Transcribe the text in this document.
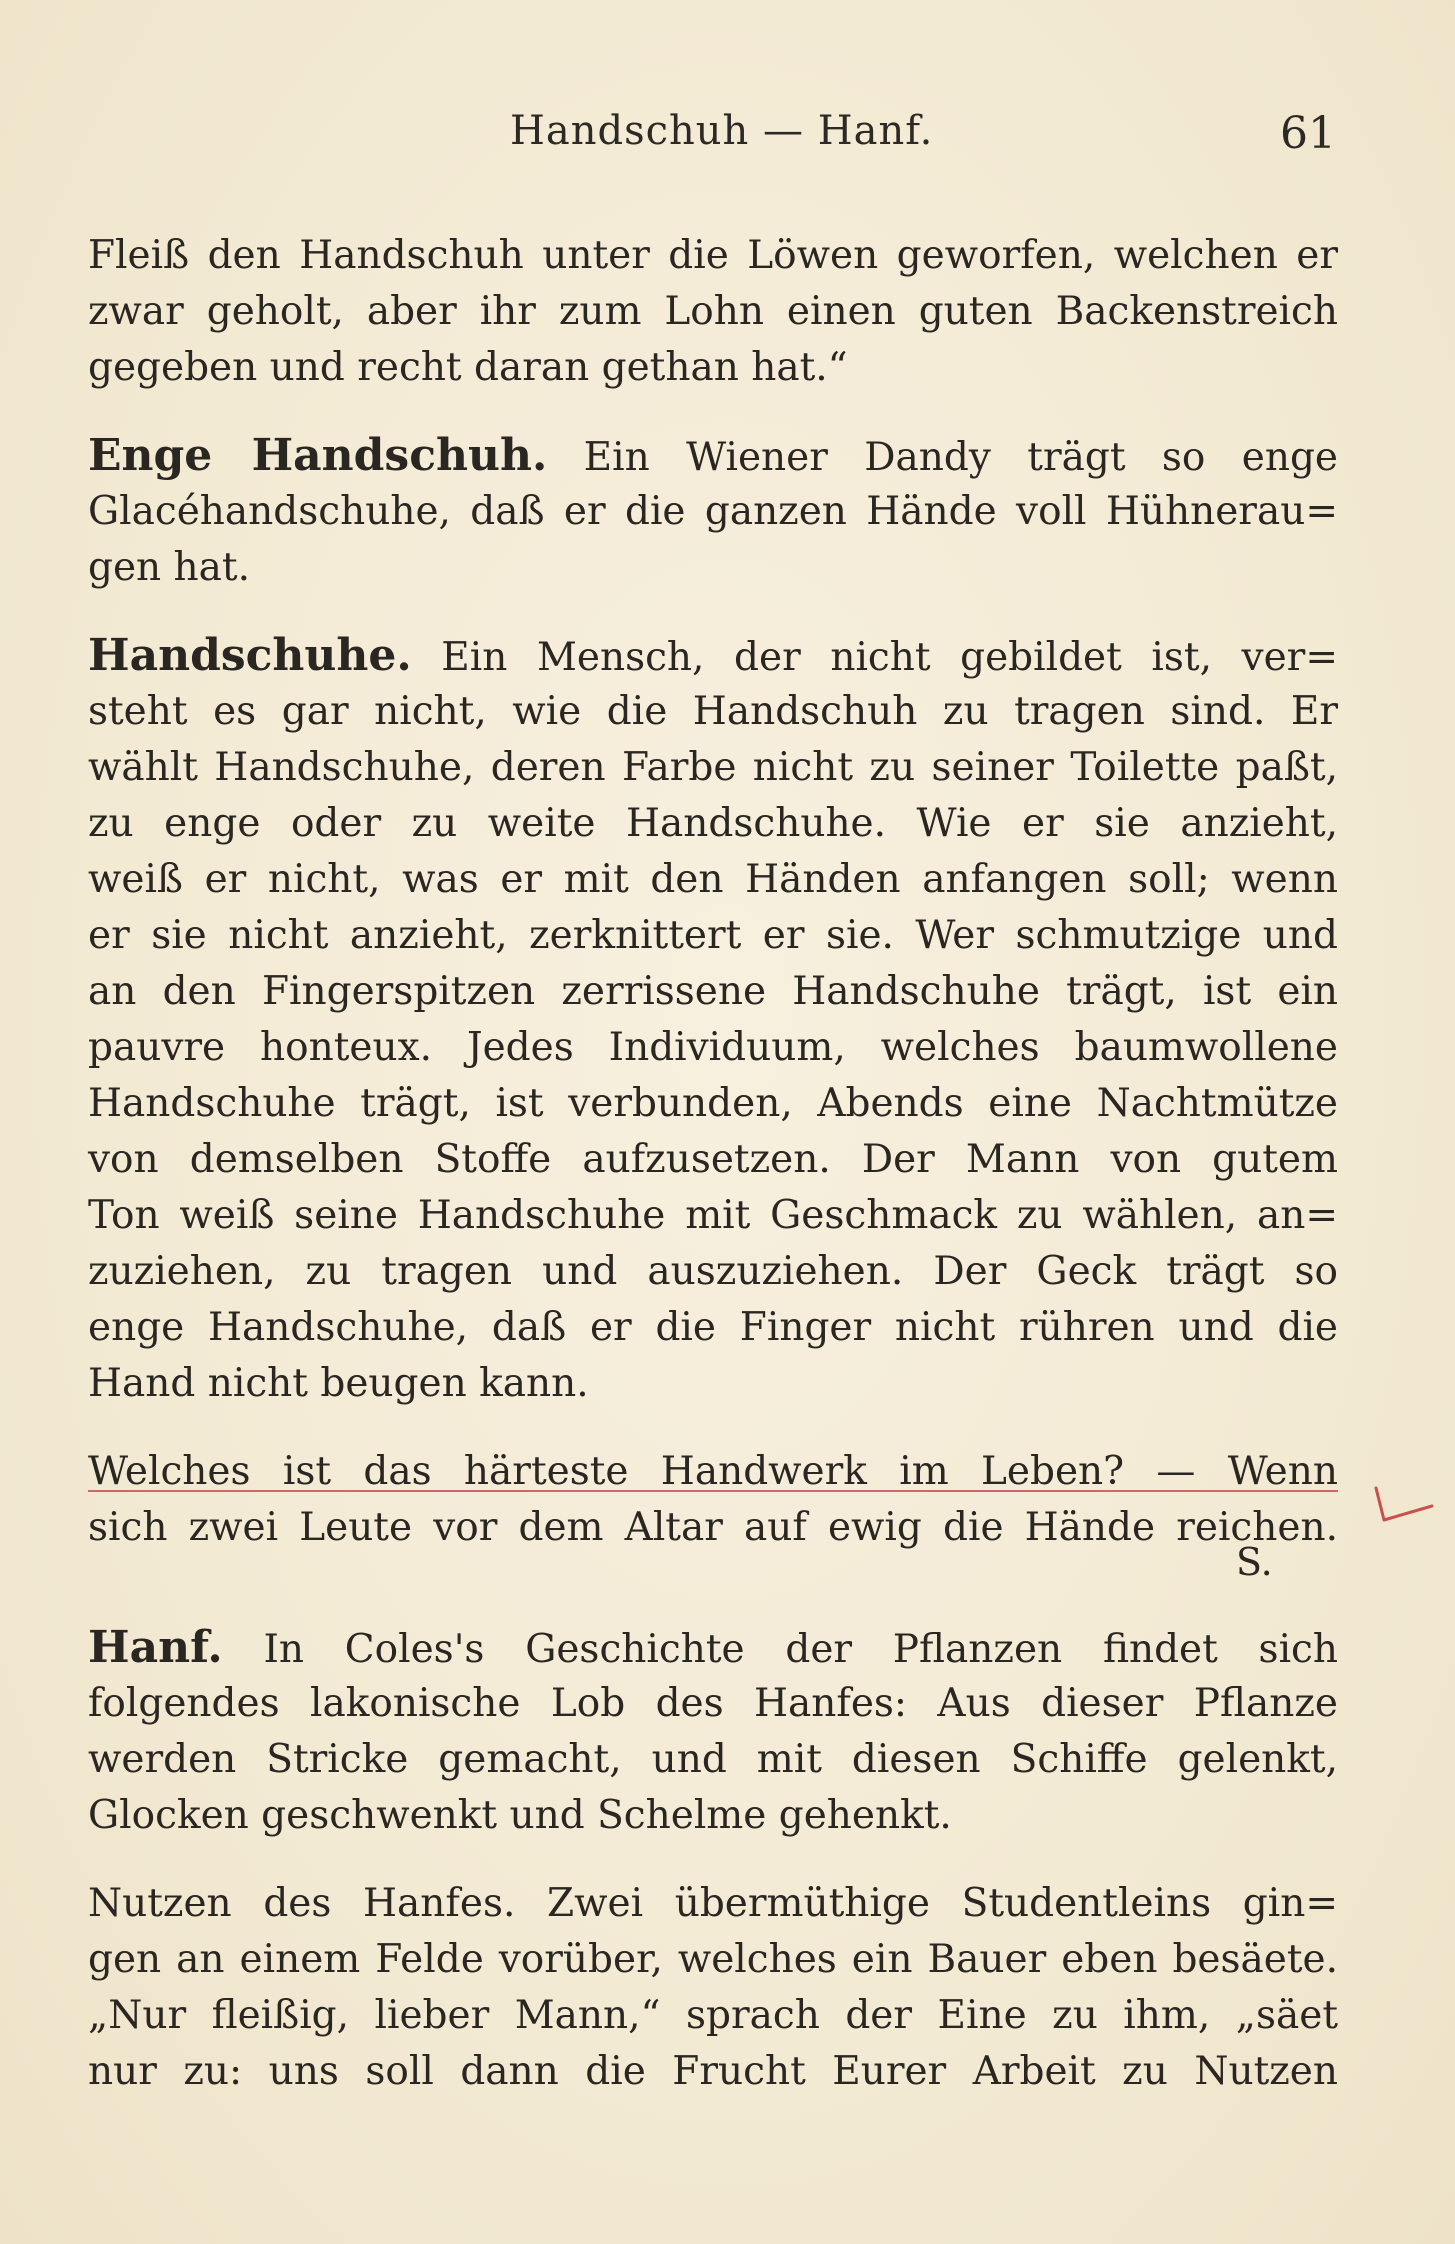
Handschuh — Hanf.	61
Fleiß den Handschuh unter die Löwen geworfen, welchen er
zwar geholt, aber ihr zum Lohn einen guten Backenstreich
gegeben und recht daran gethan hat.“
Enge Handschuh. Ein Wiener Dandy trägt so enge
Glacéhandschuhe, daß er die ganzen Hände voll Hühnerau=
gen hat.
Handschuhe. Ein Mensch, der nicht gebildet ist, ver=
steht es gar nicht, wie die Handschuh zu tragen sind. Er
wählt Handschuhe, deren Farbe nicht zu seiner Toilette paßt,
zu enge oder zu weite Handschuhe. Wie er sie anzieht,
weiß er nicht, was er mit den Händen anfangen soll; wenn
er sie nicht anzieht, zerknittert er sie. Wer schmutzige und
an den Fingerspitzen zerrissene Handschuhe trägt, ist ein
pauvre honteux. Jedes Individuum, welches baumwollene
Handschuhe trägt, ist verbunden, Abends eine Nachtmütze
von demselben Stoffe aufzusetzen. Der Mann von gutem
Ton weiß seine Handschuhe mit Geschmack zu wählen, an=
zuziehen, zu tragen und auszuziehen. Der Geck trägt so
enge Handschuhe, daß er die Finger nicht rühren und die
Hand nicht beugen kann.
Welches ist das härteste Handwerk im Leben? — Wenn
sich zwei Leute vor dem Altar auf ewig die Hände reichen.
Hanf. In Coles's Geschichte der Pflanzen findet sich
folgendes lakonische Lob des Hanfes: Aus dieser Pflanze
werden Stricke gemacht, und mit diesen Schiffe gelenkt,
Glocken geschwenkt und Schelme gehenkt.
Nutzen des Hanfes. Zwei übermüthige Studentleins gin=
gen an einem Felde vorüber, welches ein Bauer eben besäete.
„Nur fleißig, lieber Mann,“ sprach der Eine zu ihm, „säet
nur zu: uns soll dann die Frucht Eurer Arbeit zu Nutzen
S.
